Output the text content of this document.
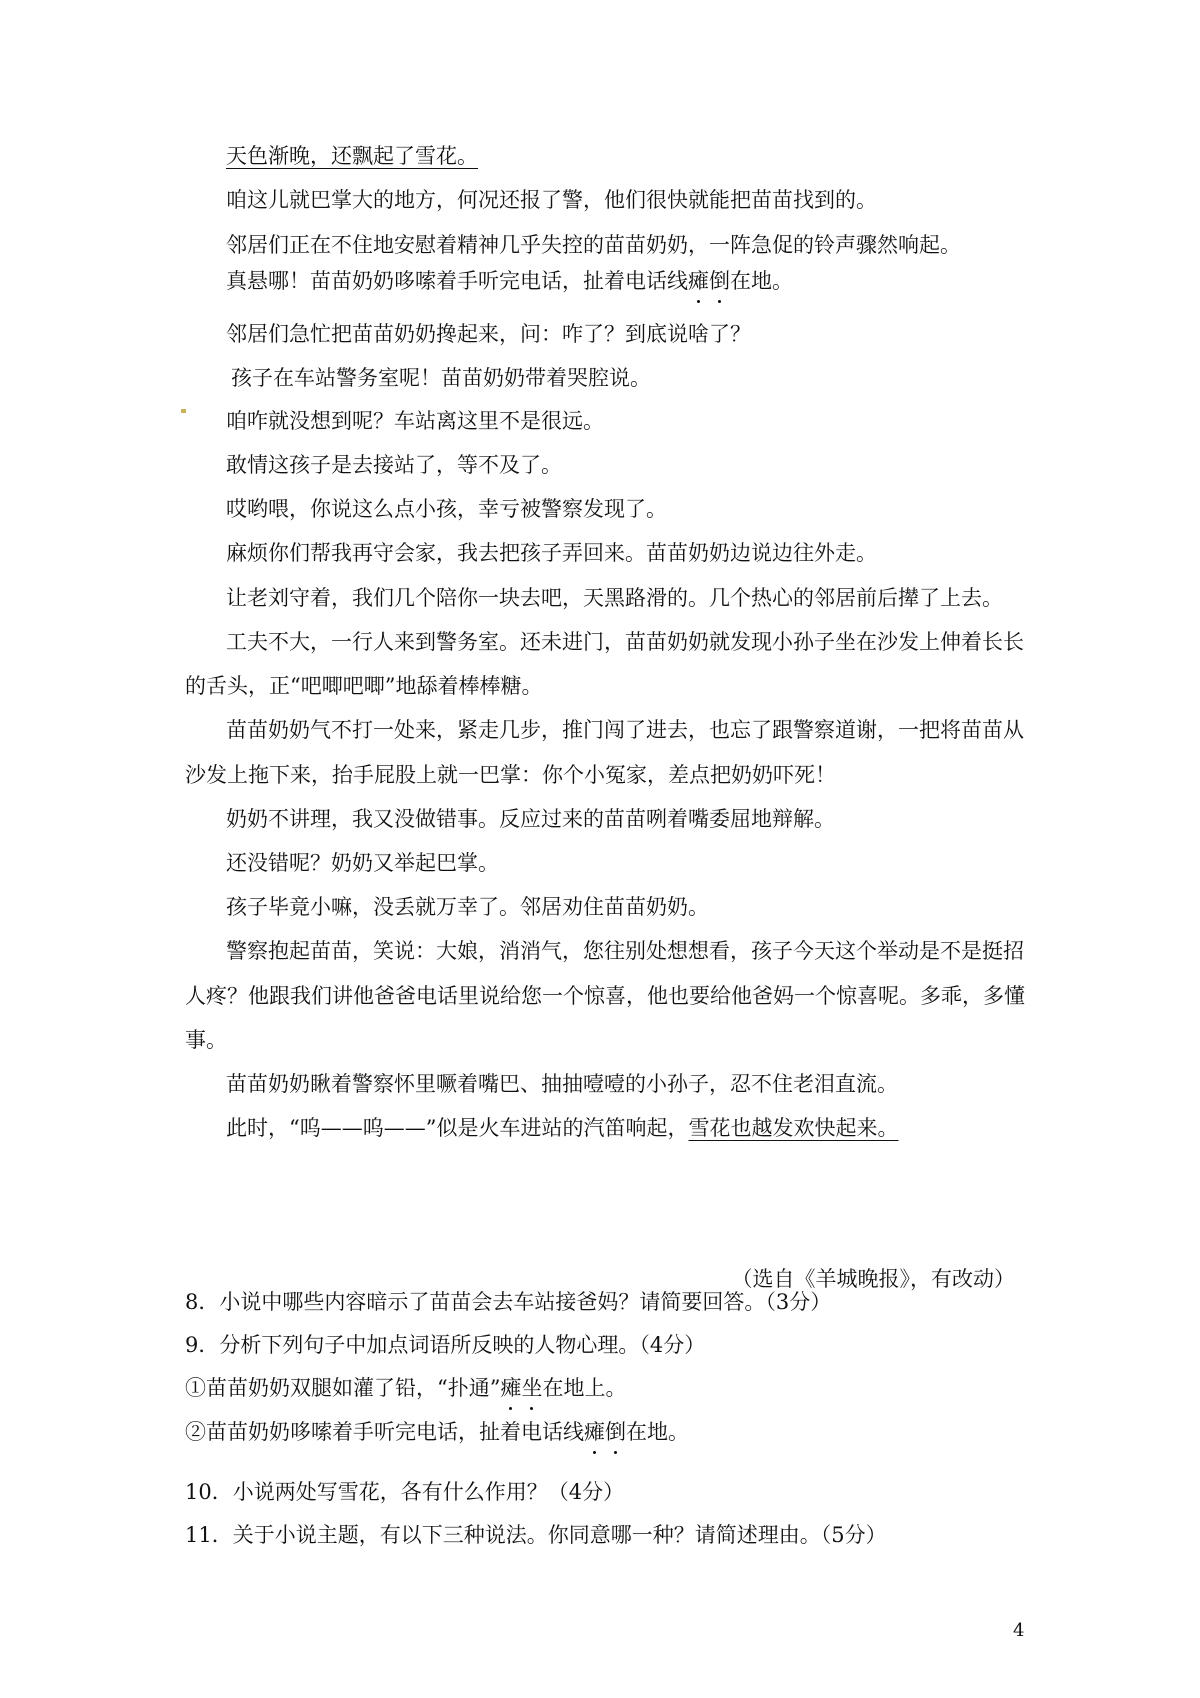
天色渐晚，还飘起了雪花。

咱这儿就巴掌大的地方，何况还报了警，他们很快就能把苗苗找到的。

邻居们正在不住地安慰着精神几乎失控的苗苗奶奶，一阵急促的铃声骤然响起。

真悬哪！苗苗奶奶哆嗦着手听完电话，扯着电话线瘫倒在地。

邻居们急忙把苗苗奶奶搀起来，问：咋了？到底说啥了？

孩子在车站警务室呢！苗苗奶奶带着哭腔说。

咱咋就没想到呢？车站离这里不是很远。

敢情这孩子是去接站了，等不及了。

哎哟喂，你说这么点小孩，幸亏被警察发现了。

麻烦你们帮我再守会家，我去把孩子弄回来。苗苗奶奶边说边往外走。

让老刘守着，我们几个陪你一块去吧，天黑路滑的。几个热心的邻居前后撵了上去。

工夫不大，一行人来到警务室。还未进门，苗苗奶奶就发现小孙子坐在沙发上伸着长长

的舌头，正“吧唧吧唧”地舔着棒棒糖。

苗苗奶奶气不打一处来，紧走几步，推门闯了进去，也忘了跟警察道谢，一把将苗苗从

沙发上拖下来，抬手屁股上就一巴掌：你个小冤家，差点把奶奶吓死！

奶奶不讲理，我又没做错事。反应过来的苗苗咧着嘴委屈地辩解。

还没错呢？奶奶又举起巴掌。

孩子毕竟小嘛，没丢就万幸了。邻居劝住苗苗奶奶。

警察抱起苗苗，笑说：大娘，消消气，您往别处想想看，孩子今天这个举动是不是挺招

人疼？他跟我们讲他爸爸电话里说给您一个惊喜，他也要给他爸妈一个惊喜呢。多乖，多懂

事。

苗苗奶奶瞅着警察怀里噘着嘴巴、抽抽噎噎的小孙子，忍不住老泪直流。

此时，“呜——呜——”似是火车进站的汽笛响起，雪花也越发欢快起来。

（选自《羊城晚报》，有改动）

8．小说中哪些内容暗示了苗苗会去车站接爸妈？请简要回答。（3分）

9．分析下列句子中加点词语所反映的人物心理。（4分）

①苗苗奶奶双腿如灌了铅，“扑通”瘫坐在地上。

②苗苗奶奶哆嗦着手听完电话，扯着电话线瘫倒在地。

10．小说两处写雪花，各有什么作用？（4分）

11．关于小说主题，有以下三种说法。你同意哪一种？请简述理由。（5分）

4
